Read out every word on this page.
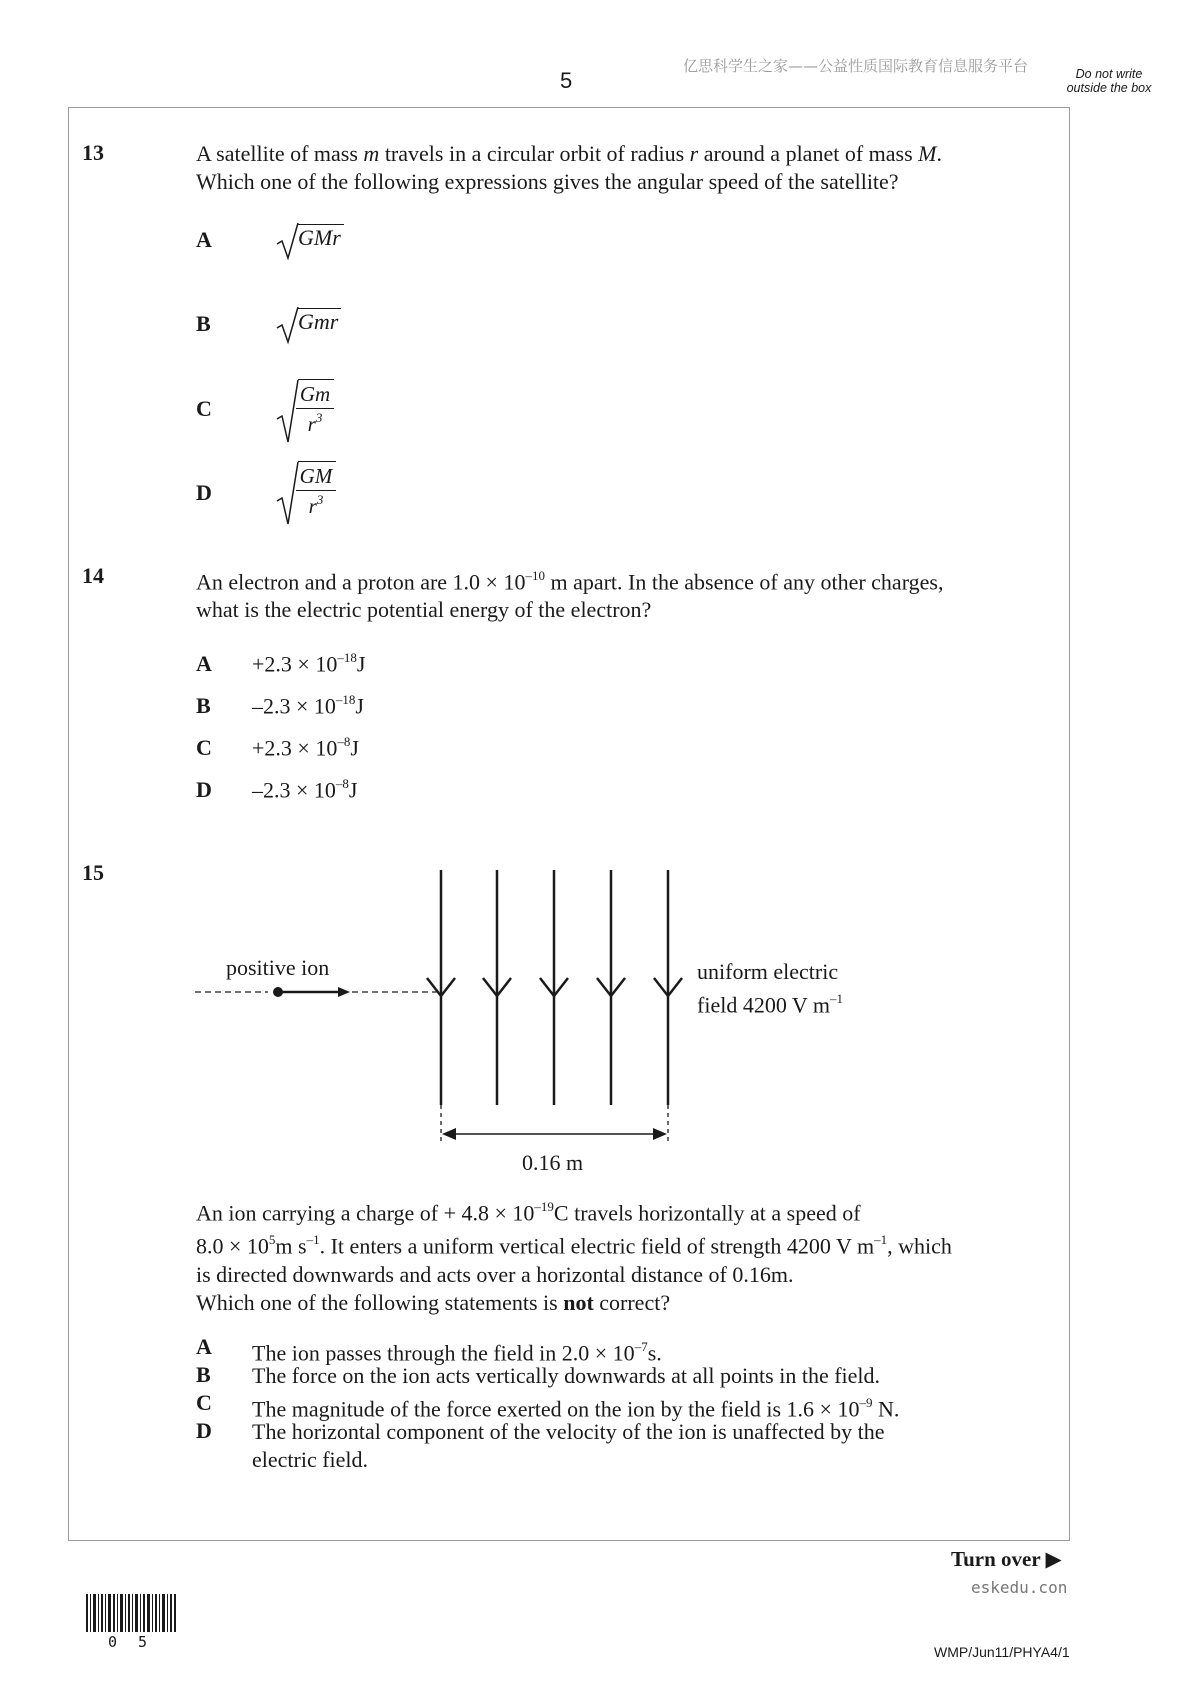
5
亿思科学生之家——公益性质国际教育信息服务平台	Do not write outside the box
13	A satellite of mass m travels in a circular orbit of radius r around a planet of mass M.
Which one of the following expressions gives the angular speed of the satellite?
A	GMr
B	Gmr
C
Gm
$r^3$
D
GM
$r^3$
14	An electron and a proton are $1.0 \times 10^{-10}$ m apart. In the absence of any other charges,
what is the electric potential energy of the electron?
$A +2.3 \times 10^{-18}J$
B $-2.3 \times 10^{-18}J$
$C +2.3 \times 10^{-8}J$
D $-2.3 \times 10^{-8}J$
15
positive ion	uniform electric
field 4200 V $m^{-1}$
0.16 m
An ion carrying a charge of + $4.8 \times 10^{-19}C$ travels horizontally at a speed of
$8.0 \times 10^5m$ $s^{-1}$. It enters a uniform vertical electric field of strength 4200 V $m^{-1}$, which
is directed downwards and acts over a horizontal distance of 0.16m.
Which one of the following statements is not correct?
A The ion passes through the field in $2.0 \times 10^{-7}s$.
B The force on the ion acts vertically downwards at all points in the field.
C The magnitude of the force exerted on the ion by the field is $1.6 \times 10^{-9}$ N.
D The horizontal component of the velocity of the ion is unaffected by the
electric field.
Turn over ▶
eskedu.con
0 5
WMP/Jun11/PHYA4/1
